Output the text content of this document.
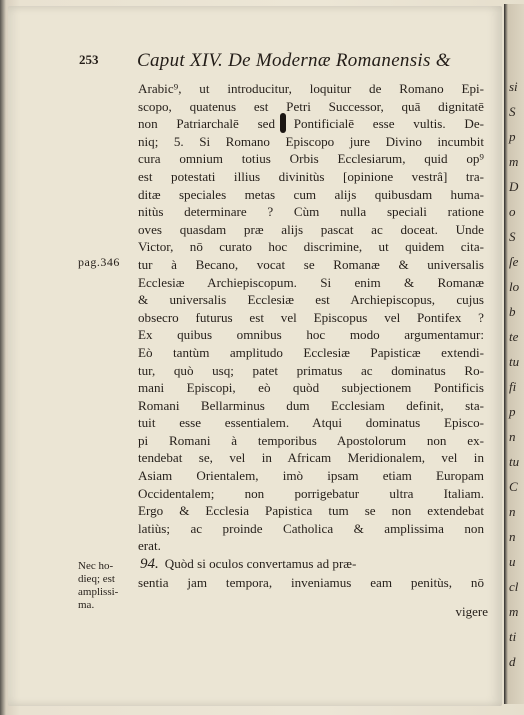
si
S
p
m
D
o
S
ſe
lo
b
te
tu
fi
p
n
tu
C
n
n
u
cl
m
ti
d
253 Caput XIV. De Modernæ Romanensis &
pag.346
Nec ho-
dieq; est
amplissi-
ma.
Arabic⁹, ut introducitur, loquitur de Romano Epi-
scopo, quatenus est Petri Successor, quā dignitatē
non Patriarchalē sed Pontificialē esse vultis. De-
niq; 5. Si Romano Episcopo jure Divino incumbit
cura omnium totius Orbis Ecclesiarum, quid op⁹
est potestati illius divinitùs [opinione vestrâ] tra-
ditæ speciales metas cum alijs quibusdam huma-
nitùs determinare ? Cùm nulla speciali ratione
oves quasdam præ alijs pascat ac doceat. Unde
Victor, nō curato hoc discrimine, ut quidem cita-
tur à Becano, vocat se Romanæ & universalis
Ecclesiæ Archiepiscopum. Si enim & Romanæ
& universalis Ecclesiæ est Archiepiscopus, cujus
obsecro futurus est vel Episcopus vel Pontifex ?
Ex quibus omnibus hoc modo argumentamur:
Eò tantùm amplitudo Ecclesiæ Papisticæ extendi-
tur, quò usq; patet primatus ac dominatus Ro-
mani Episcopi, eò quòd subjectionem Pontificis
Romani Bellarminus dum Ecclesiam definit, sta-
tuit esse essentialem. Atqui dominatus Episco-
pi Romani à temporibus Apostolorum non ex-
tendebat se, vel in Africam Meridionalem, vel in
Asiam Orientalem, imò ipsam etiam Europam
Occidentalem; non porrigebatur ultra Italiam.
Ergo & Ecclesia Papistica tum se non extendebat
latiùs; ac proinde Catholica & amplissima non
erat.
94. Quòd si oculos convertamus ad præ-
sentia jam tempora, inveniamus eam penitùs, nō
vigere
